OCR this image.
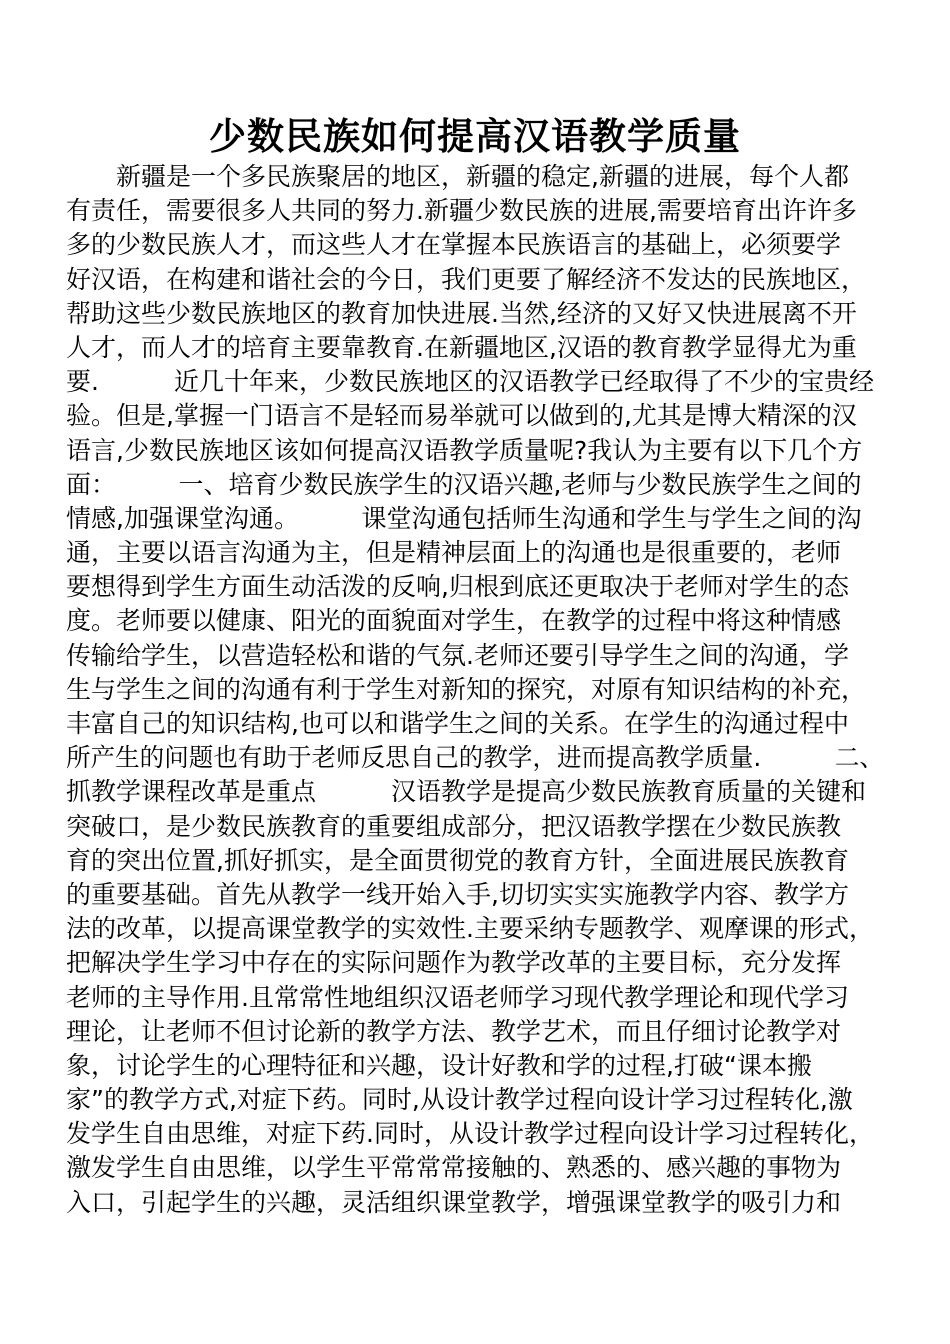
少数民族如何提高汉语教学质量
　　新疆是一个多民族聚居的地区，新疆的稳定,新疆的进展，每个人都
有责任，需要很多人共同的努力.新疆少数民族的进展,需要培育出许许多
多的少数民族人才，而这些人才在掌握本民族语言的基础上，必须要学
好汉语，在构建和谐社会的今日，我们更要了解经济不发达的民族地区，
帮助这些少数民族地区的教育加快进展.当然,经济的又好又快进展离不开
人才，而人才的培育主要靠教育.在新疆地区,汉语的教育教学显得尤为重
要.　　　近几十年来，少数民族地区的汉语教学已经取得了不少的宝贵经
验。但是,掌握一门语言不是轻而易举就可以做到的,尤其是博大精深的汉
语言,少数民族地区该如何提高汉语教学质量呢?我认为主要有以下几个方
面：　　　一、培育少数民族学生的汉语兴趣,老师与少数民族学生之间的
情感,加强课堂沟通。　　　课堂沟通包括师生沟通和学生与学生之间的沟
通，主要以语言沟通为主，但是精神层面上的沟通也是很重要的，老师
要想得到学生方面生动活泼的反响,归根到底还更取决于老师对学生的态
度。老师要以健康、阳光的面貌面对学生，在教学的过程中将这种情感
传输给学生，以营造轻松和谐的气氛.老师还要引导学生之间的沟通，学
生与学生之间的沟通有利于学生对新知的探究，对原有知识结构的补充，
丰富自己的知识结构,也可以和谐学生之间的关系。在学生的沟通过程中
所产生的问题也有助于老师反思自己的教学，进而提高教学质量.　　　二、
抓教学课程改革是重点　　　汉语教学是提高少数民族教育质量的关键和
突破口，是少数民族教育的重要组成部分，把汉语教学摆在少数民族教
育的突出位置,抓好抓实，是全面贯彻党的教育方针，全面进展民族教育
的重要基础。首先从教学一线开始入手,切切实实实施教学内容、教学方
法的改革，以提高课堂教学的实效性.主要采纳专题教学、观摩课的形式，
把解决学生学习中存在的实际问题作为教学改革的主要目标，充分发挥
老师的主导作用.且常常性地组织汉语老师学习现代教学理论和现代学习
理论，让老师不但讨论新的教学方法、教学艺术，而且仔细讨论教学对
象，讨论学生的心理特征和兴趣，设计好教和学的过程,打破“课本搬
家”的教学方式,对症下药。同时,从设计教学过程向设计学习过程转化,激
发学生自由思维，对症下药.同时，从设计教学过程向设计学习过程转化，
激发学生自由思维，以学生平常常常接触的、熟悉的、感兴趣的事物为
入口，引起学生的兴趣，灵活组织课堂教学，增强课堂教学的吸引力和
